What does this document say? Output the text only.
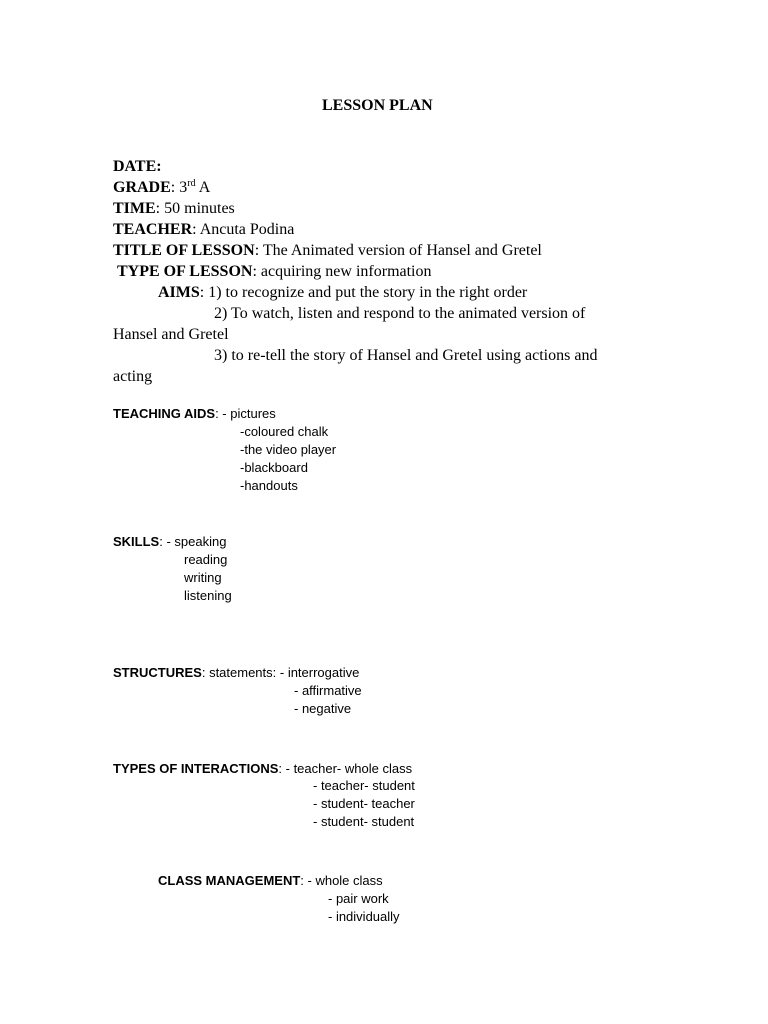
LESSON PLAN
DATE:
GRADE: 3rd A
TIME: 50 minutes
TEACHER: Ancuta Podina
TITLE OF LESSON: The Animated version of Hansel and Gretel
TYPE OF LESSON: acquiring new information
AIMS: 1) to recognize and put the story in the right order
2) To watch, listen and respond to the animated version of
Hansel and Gretel
3) to re-tell the story of Hansel and Gretel using actions and
acting
TEACHING AIDS: - pictures
-coloured chalk
-the video player
-blackboard
-handouts
SKILLS: - speaking
reading
writing
listening
STRUCTURES: statements: - interrogative
- affirmative
- negative
TYPES OF INTERACTIONS: - teacher- whole class
- teacher- student
- student- teacher
- student- student
CLASS MANAGEMENT: - whole class
- pair work
- individually
